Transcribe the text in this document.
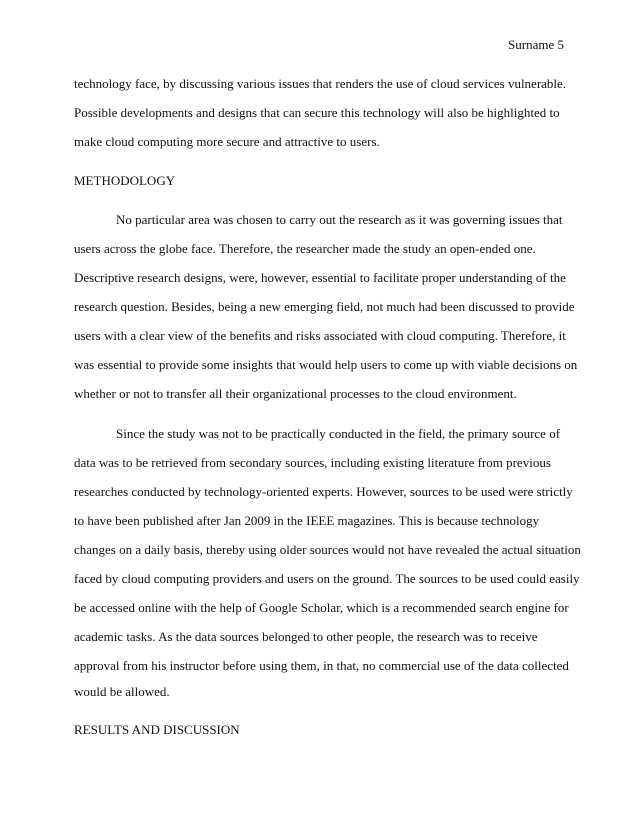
Surname 5
technology face, by discussing various issues that renders the use of cloud services vulnerable.
Possible developments and designs that can secure this technology will also be highlighted to
make cloud computing more secure and attractive to users.
METHODOLOGY
No particular area was chosen to carry out the research as it was governing issues that
users across the globe face. Therefore, the researcher made the study an open-ended one.
Descriptive research designs, were, however, essential to facilitate proper understanding of the
research question. Besides, being a new emerging field, not much had been discussed to provide
users with a clear view of the benefits and risks associated with cloud computing. Therefore, it
was essential to provide some insights that would help users to come up with viable decisions on
whether or not to transfer all their organizational processes to the cloud environment.
Since the study was not to be practically conducted in the field, the primary source of
data was to be retrieved from secondary sources, including existing literature from previous
researches conducted by technology-oriented experts. However, sources to be used were strictly
to have been published after Jan 2009 in the IEEE magazines. This is because technology
changes on a daily basis, thereby using older sources would not have revealed the actual situation
faced by cloud computing providers and users on the ground. The sources to be used could easily
be accessed online with the help of Google Scholar, which is a recommended search engine for
academic tasks. As the data sources belonged to other people, the research was to receive
approval from his instructor before using them, in that, no commercial use of the data collected
would be allowed.
RESULTS AND DISCUSSION
